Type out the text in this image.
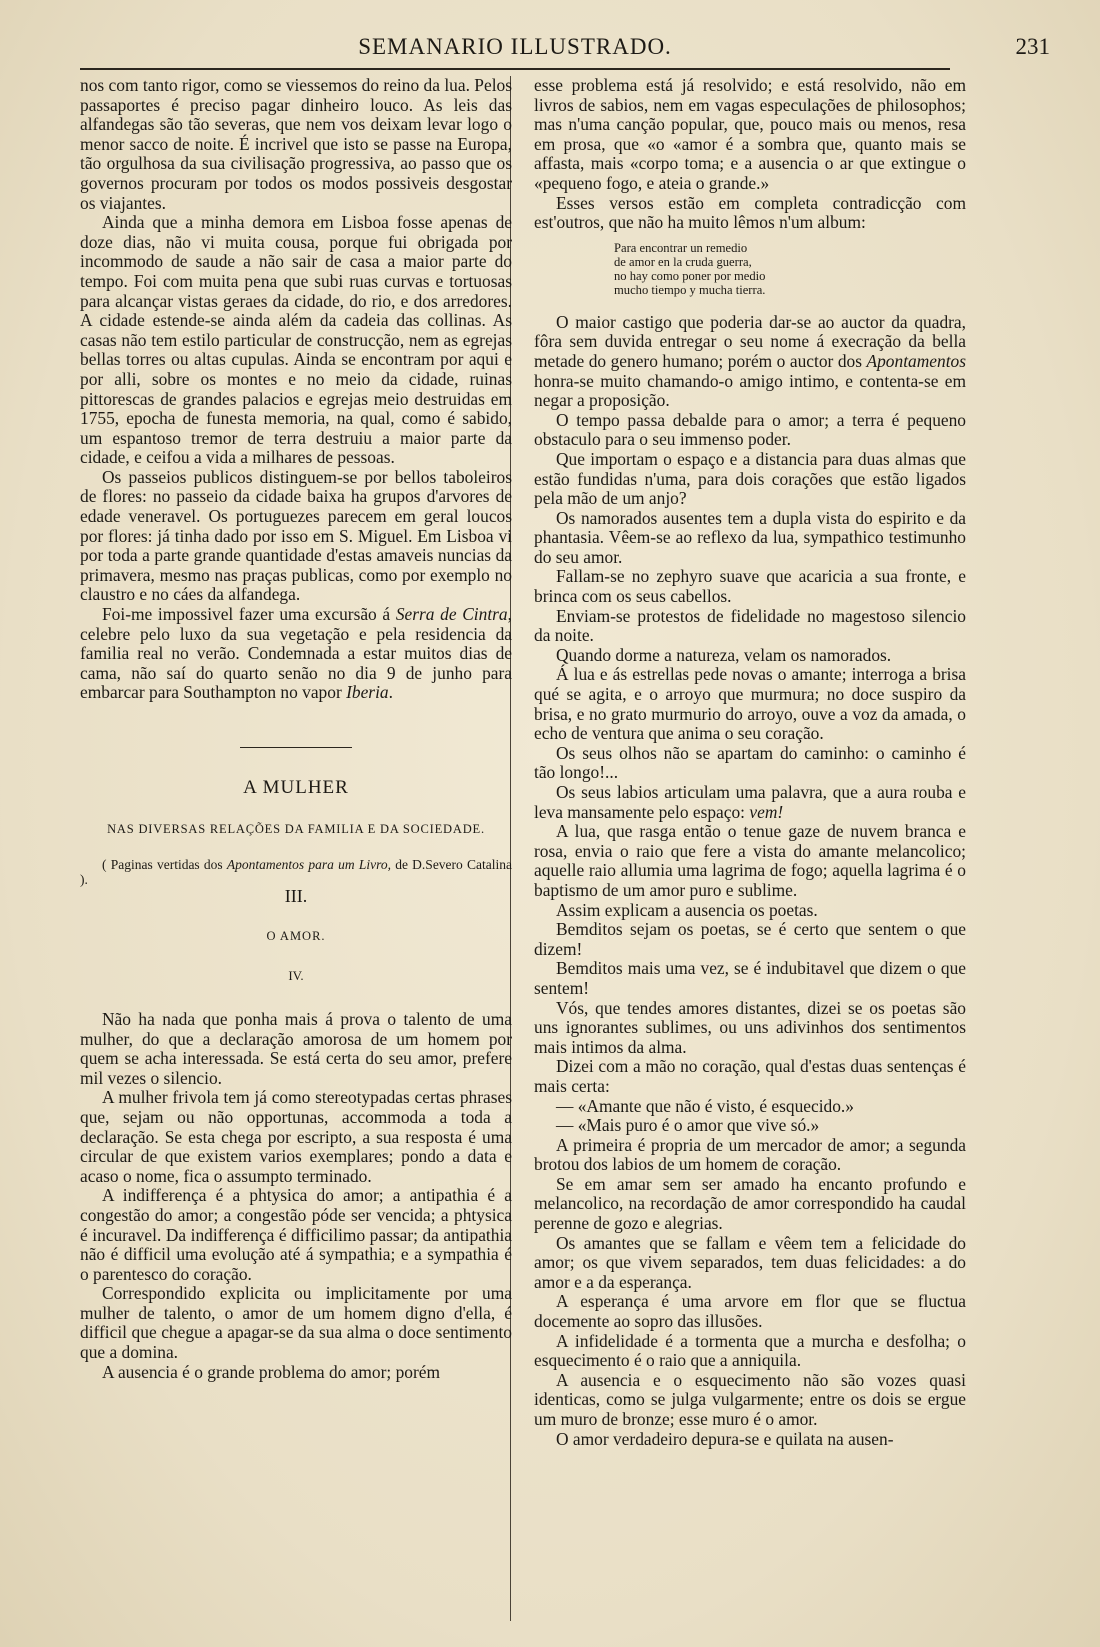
SEMANARIO ILLUSTRADO.	231

nos com tanto rigor, como se viessemos do reino da lua. Pelos passaportes é preciso pagar dinheiro louco. As leis das alfandegas são tão severas, que nem vos deixam levar logo o menor sacco de noite. É incrivel que isto se passe na Europa, tão orgulhosa da sua civilisação progressiva, ao passo que os governos procuram por todos os modos possiveis desgostar os viajantes.

Ainda que a minha demora em Lisboa fosse apenas de doze dias, não vi muita cousa, porque fui obrigada por incommodo de saude a não sair de casa a maior parte do tempo. Foi com muita pena que subi ruas curvas e tortuosas para alcançar vistas geraes da cidade, do rio, e dos arredores. A cidade estende-se ainda além da cadeia das collinas. As casas não tem estilo particular de construcção, nem as egrejas bellas torres ou altas cupulas. Ainda se encontram por aqui e por alli, sobre os montes e no meio da cidade, ruinas pittorescas de grandes palacios e egrejas meio destruidas em 1755, epocha de funesta memoria, na qual, como é sabido, um espantoso tremor de terra destruiu a maior parte da cidade, e ceifou a vida a milhares de pessoas.

Os passeios publicos distinguem-se por bellos taboleiros de flores: no passeio da cidade baixa ha grupos d'arvores de edade veneravel. Os portuguezes parecem em geral loucos por flores: já tinha dado por isso em S. Miguel. Em Lisboa vi por toda a parte grande quantidade d'estas amaveis nuncias da primavera, mesmo nas praças publicas, como por exemplo no claustro e no cáes da alfandega.

Foi-me impossivel fazer uma excursão á Serra de Cintra, celebre pelo luxo da sua vegetação e pela residencia da familia real no verão. Condemnada a estar muitos dias de cama, não saí do quarto senão no dia 9 de junho para embarcar para Southampton no vapor Iberia.

A MULHER
NAS DIVERSAS RELAÇÕES DA FAMILIA E DA SOCIEDADE.

( Paginas vertidas dos Apontamentos para um Livro, de D.Severo Catalina ).

III.
O AMOR.
IV.

Não ha nada que ponha mais á prova o talento de uma mulher, do que a declaração amorosa de um homem por quem se acha interessada. Se está certa do seu amor, prefere mil vezes o silencio.

A mulher frivola tem já como stereotypadas certas phrases que, sejam ou não opportunas, accommoda a toda a declaração. Se esta chega por escripto, a sua resposta é uma circular de que existem varios exemplares; pondo a data e acaso o nome, fica o assumpto terminado.

A indifferença é a phtysica do amor; a antipathia é a congestão do amor; a congestão póde ser vencida; a phtysica é incuravel. Da indifferença é difficilimo passar; da antipathia não é difficil uma evolução até á sympathia; e a sympathia é o parentesco do coração.

Correspondido explicita ou implicitamente por uma mulher de talento, o amor de um homem digno d'ella, é difficil que chegue a apagar-se da sua alma o doce sentimento que a domina.

A ausencia é o grande problema do amor; porém

esse problema está já resolvido; e está resolvido, não em livros de sabios, nem em vagas especulações de philosophos; mas n'uma canção popular, que, pouco mais ou menos, resa em prosa, que «o «amor é a sombra que, quanto mais se affasta, mais «corpo toma; e a ausencia o ar que extingue o «pequeno fogo, e ateia o grande.»

Esses versos estão em completa contradicção com est'outros, que não ha muito lêmos n'um album:

Para encontrar un remedio
de amor en la cruda guerra,
no hay como poner por medio
mucho tiempo y mucha tierra.

O maior castigo que poderia dar-se ao auctor da quadra, fôra sem duvida entregar o seu nome á execração da bella metade do genero humano; porém o auctor dos Apontamentos honra-se muito chamando-o amigo intimo, e contenta-se em negar a proposição.

O tempo passa debalde para o amor; a terra é pequeno obstaculo para o seu immenso poder.

Que importam o espaço e a distancia para duas almas que estão fundidas n'uma, para dois corações que estão ligados pela mão de um anjo?

Os namorados ausentes tem a dupla vista do espirito e da phantasia. Vêem-se ao reflexo da lua, sympathico testimunho do seu amor.

Fallam-se no zephyro suave que acaricia a sua fronte, e brinca com os seus cabellos.

Enviam-se protestos de fidelidade no magestoso silencio da noite.

Quando dorme a natureza, velam os namorados.

Á lua e ás estrellas pede novas o amante; interroga a brisa qué se agita, e o arroyo que murmura; no doce suspiro da brisa, e no grato murmurio do arroyo, ouve a voz da amada, o echo de ventura que anima o seu coração.

Os seus olhos não se apartam do caminho: o caminho é tão longo!...

Os seus labios articulam uma palavra, que a aura rouba e leva mansamente pelo espaço: vem!

A lua, que rasga então o tenue gaze de nuvem branca e rosa, envia o raio que fere a vista do amante melancolico; aquelle raio allumia uma lagrima de fogo; aquella lagrima é o baptismo de um amor puro e sublime.

Assim explicam a ausencia os poetas.

Bemditos sejam os poetas, se é certo que sentem o que dizem!

Bemditos mais uma vez, se é indubitavel que dizem o que sentem!

Vós, que tendes amores distantes, dizei se os poetas são uns ignorantes sublimes, ou uns adivinhos dos sentimentos mais intimos da alma.

Dizei com a mão no coração, qual d'estas duas sentenças é mais certa:

— «Amante que não é visto, é esquecido.»

— «Mais puro é o amor que vive só.»

A primeira é propria de um mercador de amor; a segunda brotou dos labios de um homem de coração.

Se em amar sem ser amado ha encanto profundo e melancolico, na recordação de amor correspondido ha caudal perenne de gozo e alegrias.

Os amantes que se fallam e vêem tem a felicidade do amor; os que vivem separados, tem duas felicidades: a do amor e a da esperança.

A esperança é uma arvore em flor que se fluctua docemente ao sopro das illusões.

A infidelidade é a tormenta que a murcha e desfolha; o esquecimento é o raio que a anniquila.

A ausencia e o esquecimento não são vozes quasi identicas, como se julga vulgarmente; entre os dois se ergue um muro de bronze; esse muro é o amor.

O amor verdadeiro depura-se e quilata na ausen-
